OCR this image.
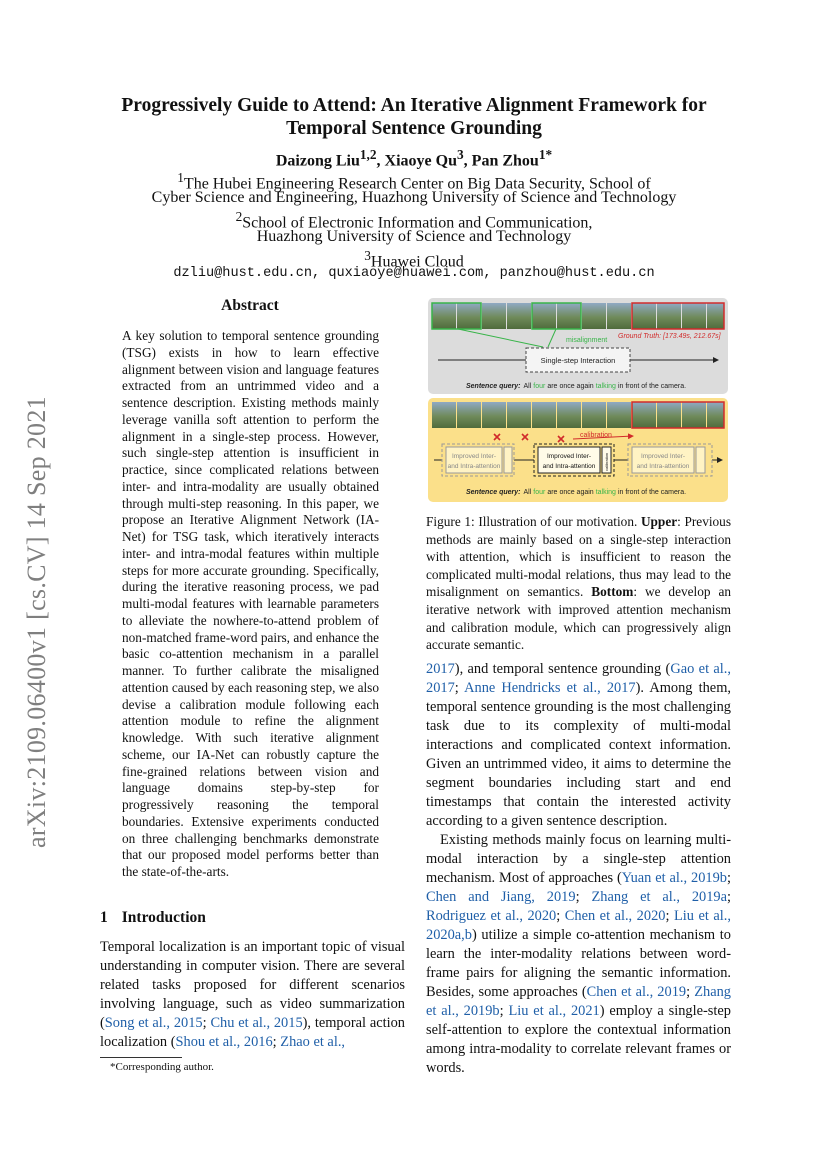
arXiv:2109.06400v1 [cs.CV] 14 Sep 2021
Progressively Guide to Attend: An Iterative Alignment Framework for
Temporal Sentence Grounding
Daizong Liu$^{1,2}$, Xiaoye Qu$^3$, Pan Zhou$^{1*}$
$^1$The Hubei Engineering Research Center on Big Data Security, School of
Cyber Science and Engineering, Huazhong University of Science and Technology
$^2$School of Electronic Information and Communication,
Huazhong University of Science and Technology
$^3$Huawei Cloud
dzliu@hust.edu.cn, quxiaoye@huawei.com, panzhou@hust.edu.cn
Abstract
A key solution to temporal sentence grounding (TSG) exists in how to learn effective alignment between vision and language features extracted from an untrimmed video and a sentence description. Existing methods mainly leverage vanilla soft attention to perform the alignment in a single-step process. However, such single-step attention is insufficient in practice, since complicated relations between inter- and intra-modality are usually obtained through multi-step reasoning. In this paper, we propose an Iterative Alignment Network (IA-Net) for TSG task, which iteratively interacts inter- and intra-modal features within multiple steps for more accurate grounding. Specifically, during the iterative reasoning process, we pad multi-modal features with learnable parameters to alleviate the nowhere-to-attend problem of non-matched frame-word pairs, and enhance the basic co-attention mechanism in a parallel manner. To further calibrate the misaligned attention caused by each reasoning step, we also devise a calibration module following each attention module to refine the alignment knowledge. With such iterative alignment scheme, our IA-Net can robustly capture the fine-grained relations between vision and language domains step-by-step for progressively reasoning the temporal boundaries. Extensive experiments conducted on three challenging benchmarks demonstrate that our proposed model performs better than the state-of-the-arts.
1 Introduction

Temporal localization is an important topic of visual understanding in computer vision. There are several related tasks proposed for different scenarios involving language, such as video summarization (Song et al., 2015; Chu et al., 2015), temporal action localization (Shou et al., 2016; Zhao et al.,

*Corresponding author.
misalignment
Ground Truth: [173.49s, 212.67s]
Single-step Interaction
Sentence query: All four are once again talking in front of the camera.
calibration
Improved Inter-
and Intra-attention
Improved Inter-
and Intra-attention calibration	Improved Inter-
and Intra-attention
Sentence query: All four are once again talking in front of the camera.
Figure 1: Illustration of our motivation. Upper: Previous methods are mainly based on a single-step interaction with attention, which is insufficient to reason the complicated multi-modal relations, thus may lead to the misalignment on semantics. Bottom: we develop an iterative network with improved attention mechanism and calibration module, which can progressively align accurate semantic.

2017), and temporal sentence grounding (Gao et al., 2017; Anne Hendricks et al., 2017). Among them, temporal sentence grounding is the most challenging task due to its complexity of multi-modal interactions and complicated context information. Given an untrimmed video, it aims to determine the segment boundaries including start and end timestamps that contain the interested activity according to a given sentence description.

Existing methods mainly focus on learning multi-modal interaction by a single-step attention mechanism. Most of approaches (Yuan et al., 2019b; Chen and Jiang, 2019; Zhang et al., 2019a; Rodriguez et al., 2020; Chen et al., 2020; Liu et al., 2020a,b) utilize a simple co-attention mechanism to learn the inter-modality relations between word-frame pairs for aligning the semantic information. Besides, some approaches (Chen et al., 2019; Zhang et al., 2019b; Liu et al., 2021) employ a single-step self-attention to explore the contextual information among intra-modality to correlate relevant frames or words.
